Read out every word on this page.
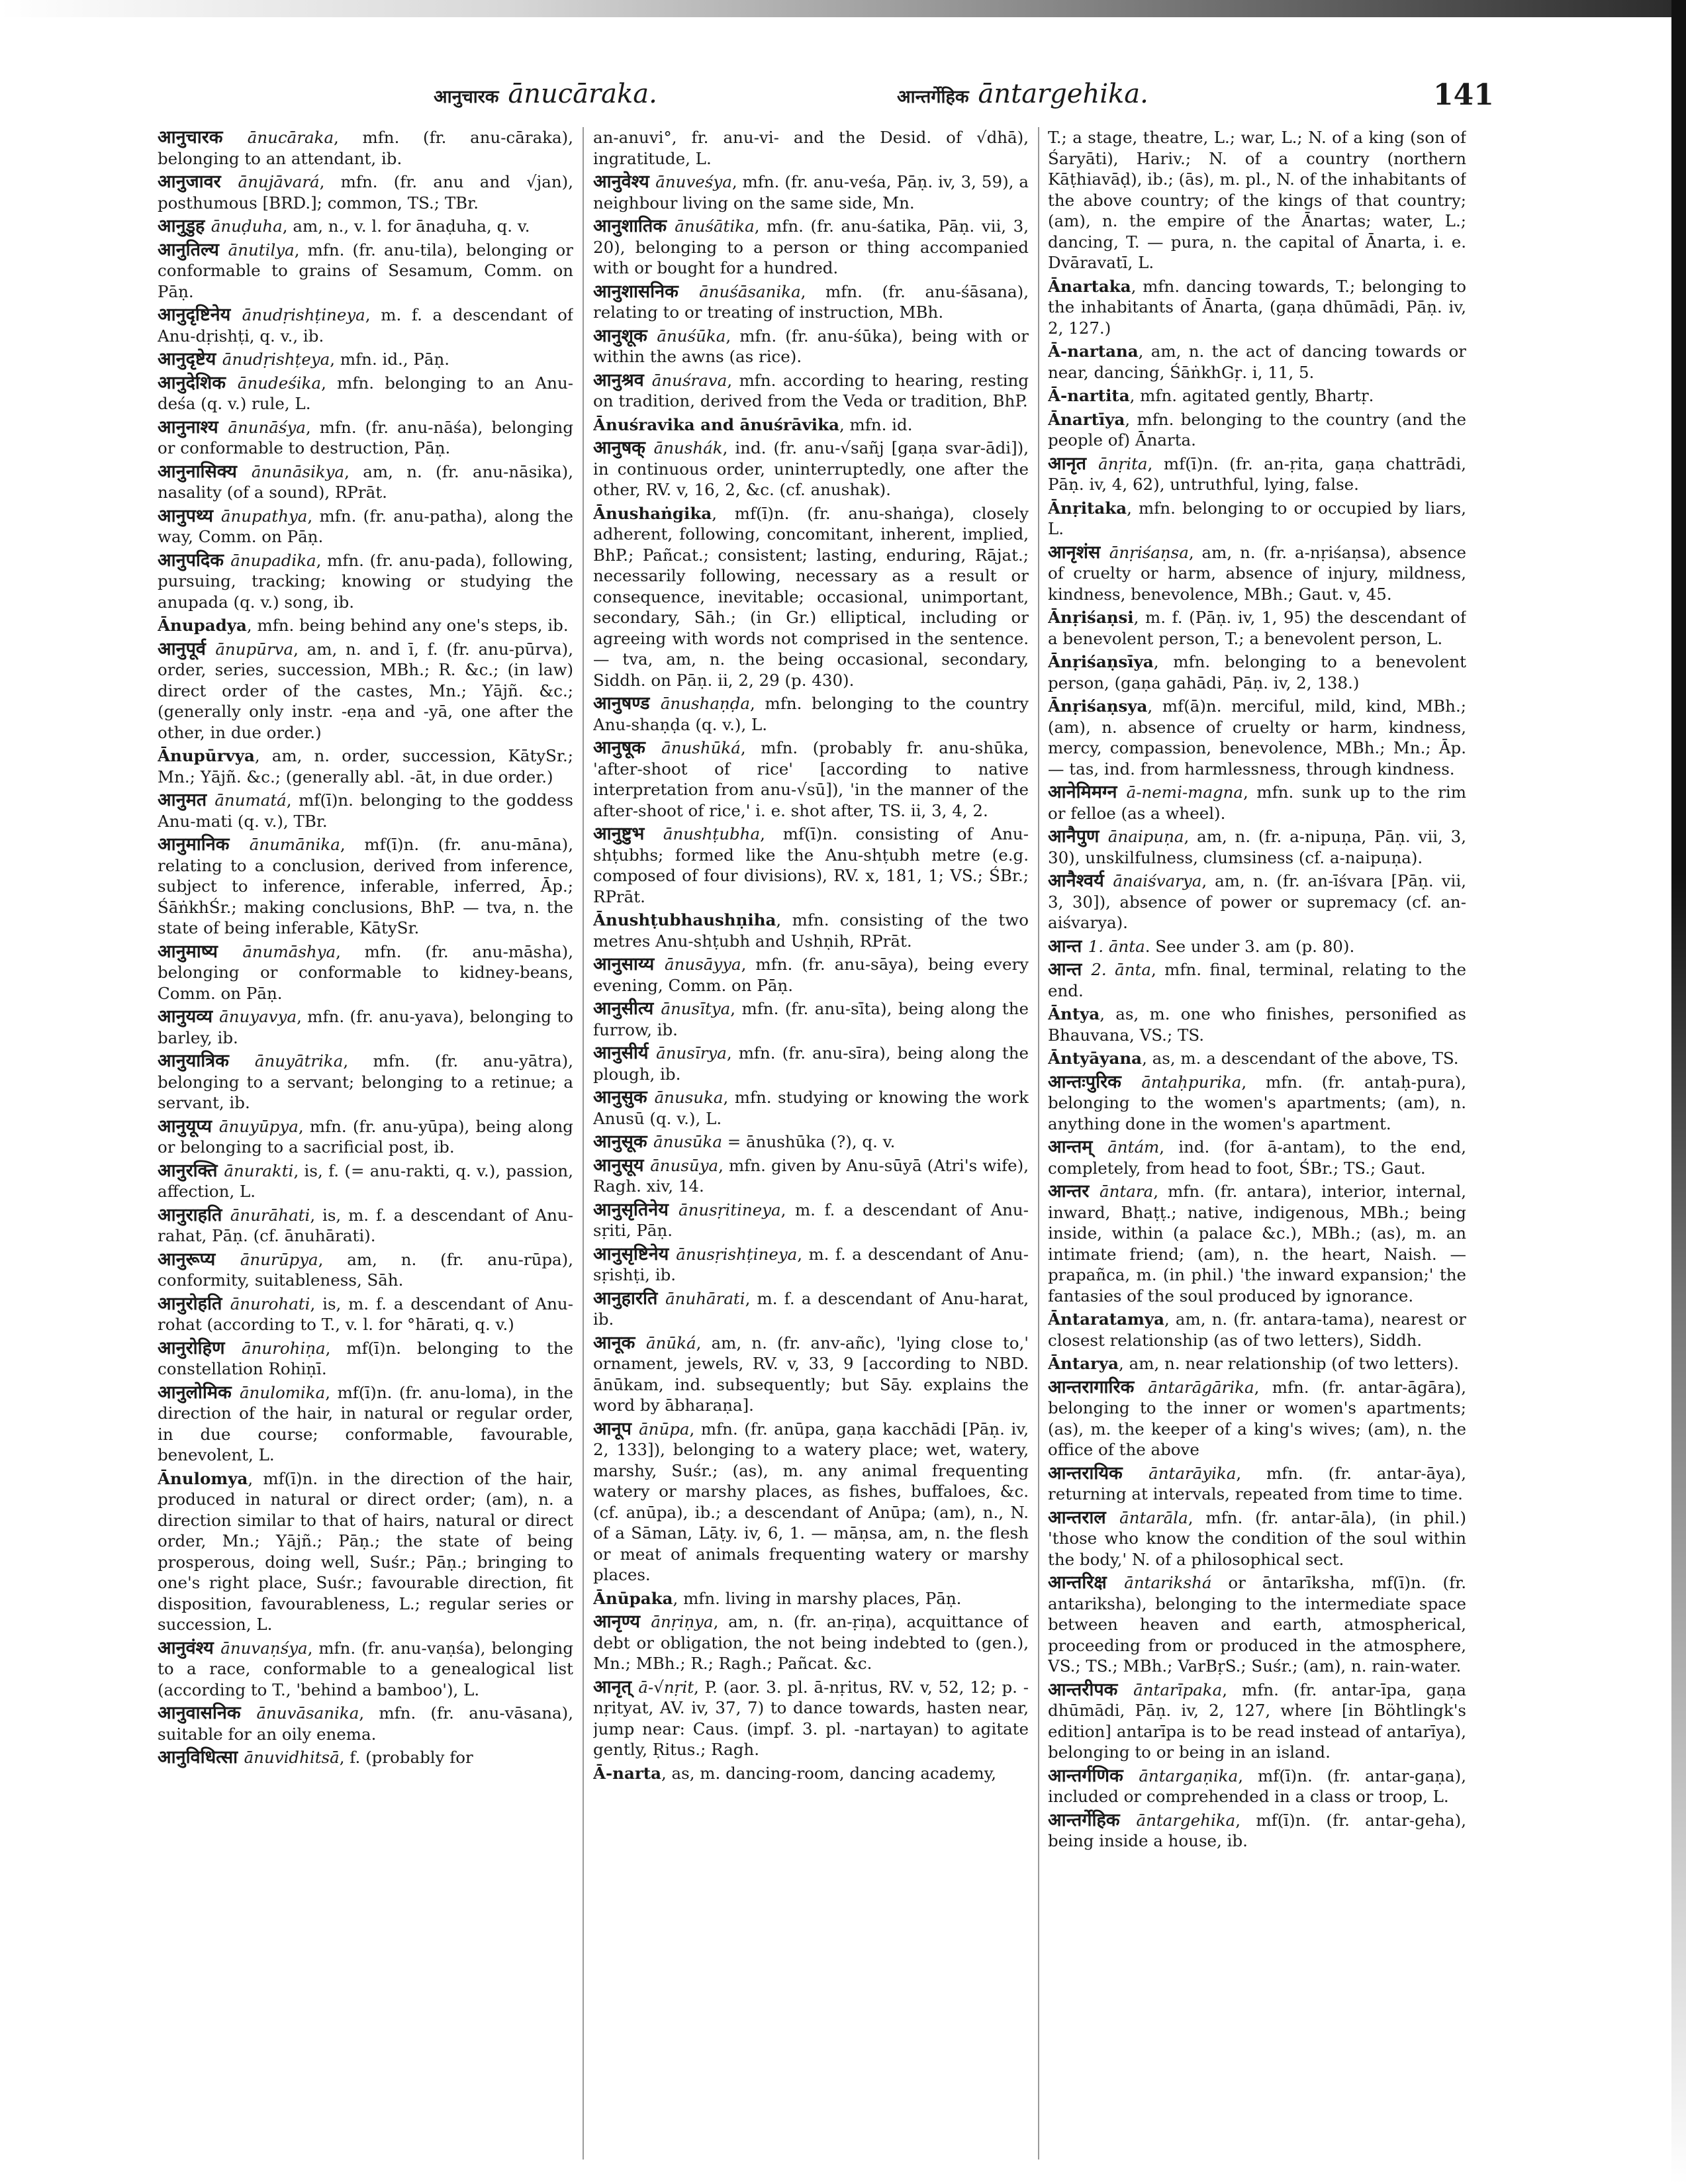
आनुचारक ānucāraka.	आन्तर्गेहिक āntargehika.	141

आनुचारक ānucāraka, mfn. (fr. anu-cāraka), belonging to an attendant, ib.

आनुजावर ānujāvará, mfn. (fr. anu and √jan), posthumous [BRD.]; common, TS.; TBr.

आनुडुह ānuḍuha, am, n., v. l. for ānaḍuha, q. v.

आनुतिल्य ānutilya, mfn. (fr. anu-tila), belonging or conformable to grains of Sesamum, Comm. on Pāṇ.

आनुदृष्टिनेय ānudṛishṭineya, m. f. a descendant of Anu-dṛishṭi, q. v., ib.

आनुदृष्टेय ānudṛishṭeya, mfn. id., Pāṇ.

आनुदेशिक ānudeśika, mfn. belonging to an Anu-deśa (q. v.) rule, L.

आनुनाश्य ānunāśya, mfn. (fr. anu-nāśa), belonging or conformable to destruction, Pāṇ.

आनुनासिक्य ānunāsikya, am, n. (fr. anu-nāsika), nasality (of a sound), RPrāt.

आनुपथ्य ānupathya, mfn. (fr. anu-patha), along the way, Comm. on Pāṇ.

आनुपदिक ānupadika, mfn. (fr. anu-pada), following, pursuing, tracking; knowing or studying the anupada (q. v.) song, ib.

Ānupadya, mfn. being behind any one's steps, ib.

आनुपूर्व ānupūrva, am, n. and ī, f. (fr. anu-pūrva), order, series, succession, MBh.; R. &c.; (in law) direct order of the castes, Mn.; Yājñ. &c.; (generally only instr. -eṇa and -yā, one after the other, in due order.)

Ānupūrvya, am, n. order, succession, KātySr.; Mn.; Yājñ. &c.; (generally abl. -āt, in due order.)

आनुमत ānumatá, mf(ī)n. belonging to the goddess Anu-mati (q. v.), TBr.

आनुमानिक ānumānika, mf(ī)n. (fr. anu-māna), relating to a conclusion, derived from inference, subject to inference, inferable, inferred, Āp.; ŚāṅkhŚr.; making conclusions, BhP. — tva, n. the state of being inferable, KātySr.

आनुमाष्य ānumāshya, mfn. (fr. anu-māsha), belonging or conformable to kidney-beans, Comm. on Pāṇ.

आनुयव्य ānuyavya, mfn. (fr. anu-yava), belonging to barley, ib.

आनुयात्रिक ānuyātrika, mfn. (fr. anu-yātra), belonging to a servant; belonging to a retinue; a servant, ib.

आनुयूप्य ānuyūpya, mfn. (fr. anu-yūpa), being along or belonging to a sacrificial post, ib.

आनुरक्ति ānurakti, is, f. (= anu-rakti, q. v.), passion, affection, L.

आनुराहति ānurāhati, is, m. f. a descendant of Anu-rahat, Pāṇ. (cf. ānuhārati).

आनुरूप्य ānurūpya, am, n. (fr. anu-rūpa), conformity, suitableness, Sāh.

आनुरोहति ānurohati, is, m. f. a descendant of Anu-rohat (according to T., v. l. for °hārati, q. v.)

आनुरोहिण ānurohiṇa, mf(ī)n. belonging to the constellation Rohiṇī.

आनुलोमिक ānulomika, mf(ī)n. (fr. anu-loma), in the direction of the hair, in natural or regular order, in due course; conformable, favourable, benevolent, L.

Ānulomya, mf(ī)n. in the direction of the hair, produced in natural or direct order; (am), n. a direction similar to that of hairs, natural or direct order, Mn.; Yājñ.; Pāṇ.; the state of being prosperous, doing well, Suśr.; Pāṇ.; bringing to one's right place, Suśr.; favourable direction, fit disposition, favourableness, L.; regular series or succession, L.

आनुवंश्य ānuvaṇśya, mfn. (fr. anu-vaṇśa), belonging to a race, conformable to a genealogical list (according to T., 'behind a bamboo'), L.

आनुवासनिक ānuvāsanika, mfn. (fr. anu-vāsana), suitable for an oily enema.

आनुविधित्सा ānuvidhitsā, f. (probably for

an-anuvi°, fr. anu-vi- and the Desid. of √dhā), ingratitude, L.

आनुवेश्य ānuveśya, mfn. (fr. anu-veśa, Pāṇ. iv, 3, 59), a neighbour living on the same side, Mn.

आनुशातिक ānuśātika, mfn. (fr. anu-śatika, Pāṇ. vii, 3, 20), belonging to a person or thing accompanied with or bought for a hundred.

आनुशासनिक ānuśāsanika, mfn. (fr. anu-śāsana), relating to or treating of instruction, MBh.

आनुशूक ānuśūka, mfn. (fr. anu-śūka), being with or within the awns (as rice).

आनुश्रव ānuśrava, mfn. according to hearing, resting on tradition, derived from the Veda or tradition, BhP.

Ānuśravika and ānuśrāvika, mfn. id.

आनुषक् ānushák, ind. (fr. anu-√sañj [gaṇa svar-ādi]), in continuous order, uninterruptedly, one after the other, RV. v, 16, 2, &c. (cf. anushak).

Ānushaṅgika, mf(ī)n. (fr. anu-shaṅga), closely adherent, following, concomitant, inherent, implied, BhP.; Pañcat.; consistent; lasting, enduring, Rājat.; necessarily following, necessary as a result or consequence, inevitable; occasional, unimportant, secondary, Sāh.; (in Gr.) elliptical, including or agreeing with words not comprised in the sentence. — tva, am, n. the being occasional, secondary, Siddh. on Pāṇ. ii, 2, 29 (p. 430).

आनुषण्ड ānushaṇḍa, mfn. belonging to the country Anu-shaṇḍa (q. v.), L.

आनुषूक ānushūká, mfn. (probably fr. anu-shūka, 'after-shoot of rice' [according to native interpretation from anu-√sū]), 'in the manner of the after-shoot of rice,' i. e. shot after, TS. ii, 3, 4, 2.

आनुष्टुभ ānushṭubha, mf(ī)n. consisting of Anu-shṭubhs; formed like the Anu-shṭubh metre (e.g. composed of four divisions), RV. x, 181, 1; VS.; ŚBr.; RPrāt.

Ānushṭubhaushṇiha, mfn. consisting of the two metres Anu-shṭubh and Ushṇih, RPrāt.

आनुसाय्य ānusāyya, mfn. (fr. anu-sāya), being every evening, Comm. on Pāṇ.

आनुसीत्य ānusītya, mfn. (fr. anu-sīta), being along the furrow, ib.

आनुसीर्य ānusīrya, mfn. (fr. anu-sīra), being along the plough, ib.

आनुसुक ānusuka, mfn. studying or knowing the work Anusū (q. v.), L.

आनुसूक ānusūka = ānushūka (?), q. v.

आनुसूय ānusūya, mfn. given by Anu-sūyā (Atri's wife), Ragh. xiv, 14.

आनुसृतिनेय ānusṛitineya, m. f. a descendant of Anu-sṛiti, Pāṇ.

आनुसृष्टिनेय ānusṛishṭineya, m. f. a descendant of Anu-sṛishṭi, ib.

आनुहारति ānuhārati, m. f. a descendant of Anu-harat, ib.

आनूक ānūká, am, n. (fr. anv-añc), 'lying close to,' ornament, jewels, RV. v, 33, 9 [according to NBD. ānūkam, ind. subsequently; but Sāy. explains the word by ābharaṇa].

आनूप ānūpa, mfn. (fr. anūpa, gaṇa kacchādi [Pāṇ. iv, 2, 133]), belonging to a watery place; wet, watery, marshy, Suśr.; (as), m. any animal frequenting watery or marshy places, as fishes, buffaloes, &c. (cf. anūpa), ib.; a descendant of Anūpa; (am), n., N. of a Sāman, Lāṭy. iv, 6, 1. — māṇsa, am, n. the flesh or meat of animals frequenting watery or marshy places.

Ānūpaka, mfn. living in marshy places, Pāṇ.

आनृण्य ānṛiṇya, am, n. (fr. an-ṛiṇa), acquittance of debt or obligation, the not being indebted to (gen.), Mn.; MBh.; R.; Ragh.; Pañcat. &c.

आनृत् ā-√nṛit, P. (aor. 3. pl. ā-nṛitus, RV. v, 52, 12; p. -nṛityat, AV. iv, 37, 7) to dance towards, hasten near, jump near: Caus. (impf. 3. pl. -nartayan) to agitate gently, Ṛitus.; Ragh.

Ā-narta, as, m. dancing-room, dancing academy,

T.; a stage, theatre, L.; war, L.; N. of a king (son of Śaryāti), Hariv.; N. of a country (northern Kāṭhiavāḍ), ib.; (ās), m. pl., N. of the inhabitants of the above country; of the kings of that country; (am), n. the empire of the Ānartas; water, L.; dancing, T. — pura, n. the capital of Ānarta, i. e. Dvāravatī, L.

Ānartaka, mfn. dancing towards, T.; belonging to the inhabitants of Ānarta, (gaṇa dhūmādi, Pāṇ. iv, 2, 127.)

Ā-nartana, am, n. the act of dancing towards or near, dancing, ŚāṅkhGṛ. i, 11, 5.

Ā-nartita, mfn. agitated gently, Bhartṛ.

Ānartīya, mfn. belonging to the country (and the people of) Ānarta.

आनृत ānṛita, mf(ī)n. (fr. an-ṛita, gaṇa chattrādi, Pāṇ. iv, 4, 62), untruthful, lying, false.

Ānṛitaka, mfn. belonging to or occupied by liars, L.

आनृशंस ānṛiśaṇsa, am, n. (fr. a-nṛiśaṇsa), absence of cruelty or harm, absence of injury, mildness, kindness, benevolence, MBh.; Gaut. v, 45.

Ānṛiśaṇsi, m. f. (Pāṇ. iv, 1, 95) the descendant of a benevolent person, T.; a benevolent person, L.

Ānṛiśaṇsīya, mfn. belonging to a benevolent person, (gaṇa gahādi, Pāṇ. iv, 2, 138.)

Ānṛiśaṇsya, mf(ā)n. merciful, mild, kind, MBh.; (am), n. absence of cruelty or harm, kindness, mercy, compassion, benevolence, MBh.; Mn.; Āp. — tas, ind. from harmlessness, through kindness.

आनेमिमग्न ā-nemi-magna, mfn. sunk up to the rim or felloe (as a wheel).

आनैपुण ānaipuṇa, am, n. (fr. a-nipuṇa, Pāṇ. vii, 3, 30), unskilfulness, clumsiness (cf. a-naipuṇa).

आनैश्वर्य ānaiśvarya, am, n. (fr. an-īśvara [Pāṇ. vii, 3, 30]), absence of power or supremacy (cf. an-aiśvarya).

आन्त 1. ānta. See under 3. am (p. 80).

आन्त 2. ānta, mfn. final, terminal, relating to the end.

Āntya, as, m. one who finishes, personified as Bhauvana, VS.; TS.

Āntyāyana, as, m. a descendant of the above, TS.

आन्तःपुरिक āntaḥpurika, mfn. (fr. antaḥ-pura), belonging to the women's apartments; (am), n. anything done in the women's apartment.

आन्तम् āntám, ind. (for ā-antam), to the end, completely, from head to foot, ŚBr.; TS.; Gaut.

आन्तर āntara, mfn. (fr. antara), interior, internal, inward, Bhaṭṭ.; native, indigenous, MBh.; being inside, within (a palace &c.), MBh.; (as), m. an intimate friend; (am), n. the heart, Naish. — prapañca, m. (in phil.) 'the inward expansion;' the fantasies of the soul produced by ignorance.

Āntaratamya, am, n. (fr. antara-tama), nearest or closest relationship (as of two letters), Siddh.

Āntarya, am, n. near relationship (of two letters).

आन्तरागारिक āntarāgārika, mfn. (fr. antar-āgāra), belonging to the inner or women's apartments; (as), m. the keeper of a king's wives; (am), n. the office of the above

आन्तरायिक āntarāyika, mfn. (fr. antar-āya), returning at intervals, repeated from time to time.

आन्तराल āntarāla, mfn. (fr. antar-āla), (in phil.) 'those who know the condition of the soul within the body,' N. of a philosophical sect.

आन्तरिक्ष āntarikshá or āntarīksha, mf(ī)n. (fr. antariksha), belonging to the intermediate space between heaven and earth, atmospherical, proceeding from or produced in the atmosphere, VS.; TS.; MBh.; VarBṛS.; Suśr.; (am), n. rain-water.

आन्तरीपक āntarīpaka, mfn. (fr. antar-īpa, gaṇa dhūmādi, Pāṇ. iv, 2, 127, where [in Böhtlingk's edition] antarīpa is to be read instead of antarīya), belonging to or being in an island.

आन्तर्गणिक āntargaṇika, mf(ī)n. (fr. antar-gaṇa), included or comprehended in a class or troop, L.

आन्तर्गेहिक āntargehika, mf(ī)n. (fr. antar-geha), being inside a house, ib.
